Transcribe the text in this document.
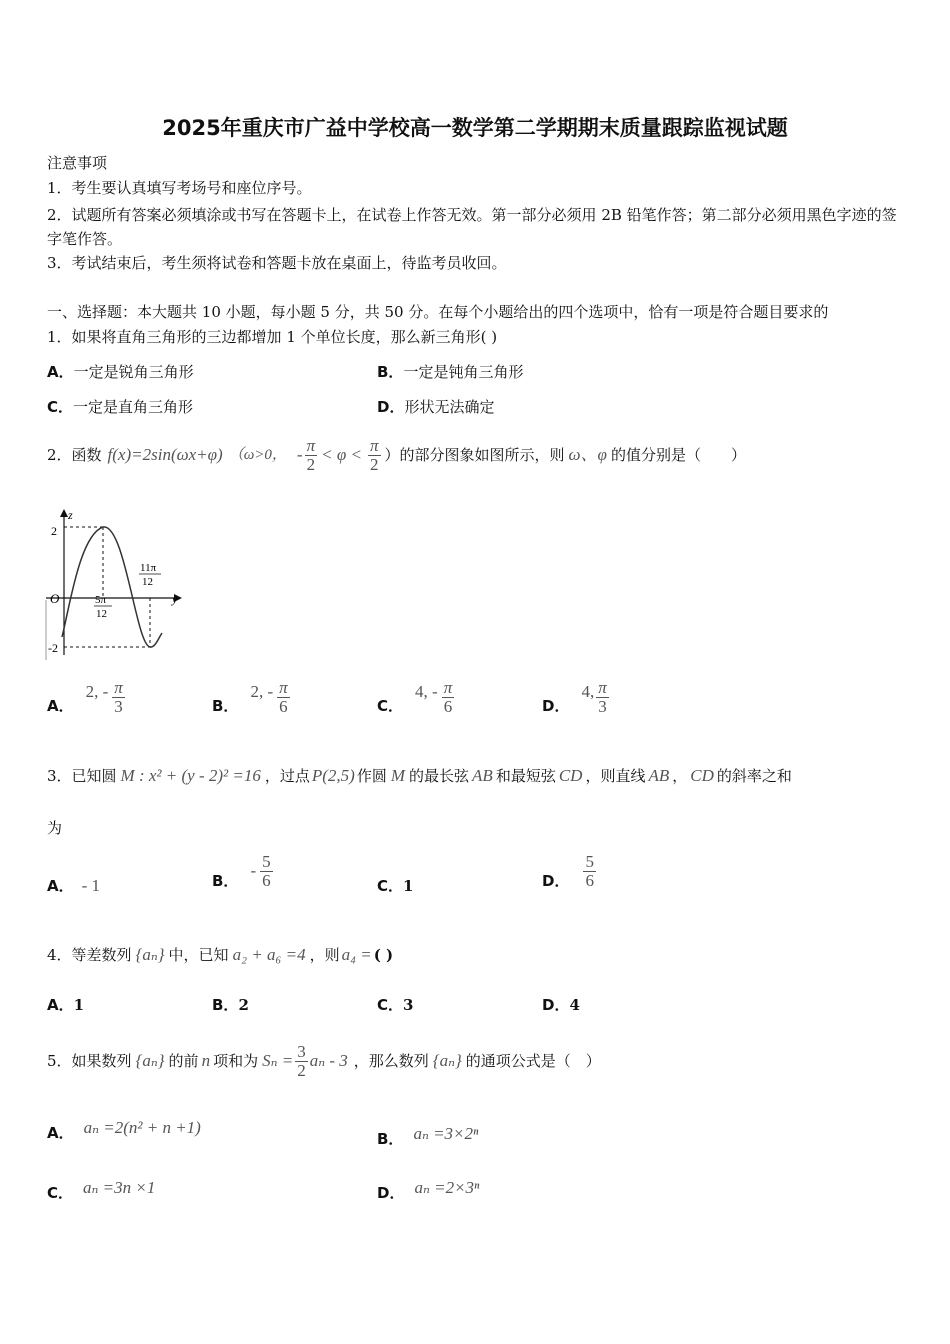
2025年重庆市广益中学校高一数学第二学期期末质量跟踪监视试题
注意事项
1．考生要认真填写考场号和座位序号。
2．试题所有答案必须填涂或书写在答题卡上，在试卷上作答无效。第一部分必须用 2B 铅笔作答；第二部分必须用黑色字迹的签字笔作答。
3．考试结束后，考生须将试卷和答题卡放在桌面上，待监考员收回。
一、选择题：本大题共 10 小题，每小题 5 分，共 50 分。在每个小题给出的四个选项中，恰有一项是符合题目要求的
1．如果将直角三角形的三边都增加 1 个单位长度，那么新三角形( )
A．一定是锐角三角形	B．一定是钝角三角形
C．一定是直角三角形	D．形状无法确定
2．函数 f(x)=2sin(ωx+φ) （ω>0， - $\frac{\pi}{2} < \varphi < \frac{\pi}{2}$ ）的部分图象如图所示，则 ω、φ 的值分别是（　　）
z
y
O
2
-2
5π
12
11π
12
A．
2, - $\frac{\pi}{3}$	B．
2, - $\frac{\pi}{6}$	C．
4, - $\frac{\pi}{6}$	D．
4, $\frac{\pi}{3}$
3．已知圆 M : x² + (y - 2)² =16 ，过点 P(2,5) 作圆 M 的最长弦 AB 和最短弦 CD ，则直线 AB ， CD 的斜率之和
为
A． - 1	B．
- $\frac{5}{6}$	C．1	D． $\frac{5}{6}$
4．等差数列 {aₙ} 中，已知 a₂ + a₆ =4 ，则 a₄ = ( )
A．1	B．2	C．3	D．4
5．如果数列 {aₙ} 的前 n 项和为 $S_n = \frac{3}{2}$ aₙ - 3 ，那么数列 {aₙ} 的通项公式是（　）
A． aₙ =2(n² + n +1)
B． aₙ =3×2ⁿ
C． aₙ =3n ×1	D． aₙ =2×3ⁿ
